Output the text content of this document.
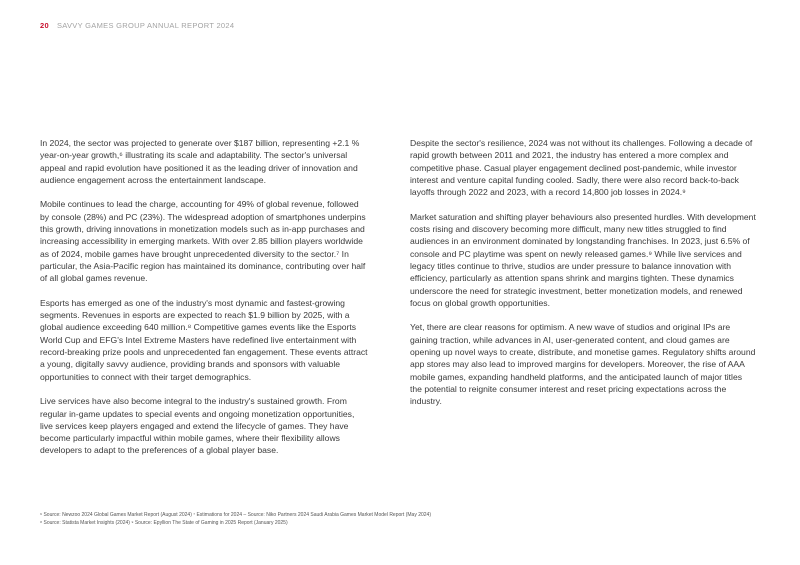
20 SAVVY GAMES GROUP ANNUAL REPORT 2024

In 2024, the sector was projected to generate over $187 billion, representing +2.1 % year-on-year growth,⁶ illustrating its scale and adaptability. The sector's universal appeal and rapid evolution have positioned it as the leading driver of innovation and audience engagement across the entertainment landscape.

Mobile continues to lead the charge, accounting for 49% of global revenue, followed by console (28%) and PC (23%). The widespread adoption of smartphones underpins this growth, driving innovations in monetization models such as in-app purchases and increasing accessibility in emerging markets. With over 2.85 billion players worldwide as of 2024, mobile games have brought unprecedented diversity to the sector.⁷ In particular, the Asia-Pacific region has maintained its dominance, contributing over half of all global games revenue.

Esports has emerged as one of the industry's most dynamic and fastest-growing segments. Revenues in esports are expected to reach $1.9 billion by 2025, with a global audience exceeding 640 million.⁸ Competitive games events like the Esports World Cup and EFG's Intel Extreme Masters have redefined live entertainment with record-breaking prize pools and unprecedented fan engagement. These events attract a young, digitally savvy audience, providing brands and sponsors with valuable opportunities to connect with their target demographics.

Live services have also become integral to the industry's sustained growth. From regular in-game updates to special events and ongoing monetization opportunities, live services keep players engaged and extend the lifecycle of games. They have become particularly impactful within mobile games, where their flexibility allows developers to adapt to the preferences of a global player base.

Despite the sector's resilience, 2024 was not without its challenges. Following a decade of rapid growth between 2011 and 2021, the industry has entered a more complex and competitive phase. Casual player engagement declined post-pandemic, while investor interest and venture capital funding cooled. Sadly, there were also record back-to-back layoffs through 2022 and 2023, with a record 14,800 job losses in 2024.⁹

Market saturation and shifting player behaviours also presented hurdles. With development costs rising and discovery becoming more difficult, many new titles struggled to find audiences in an environment dominated by longstanding franchises. In 2023, just 6.5% of console and PC playtime was spent on newly released games.⁹ While live services and legacy titles continue to thrive, studios are under pressure to balance innovation with efficiency, particularly as attention spans shrink and margins tighten. These dynamics underscore the need for strategic investment, better monetization models, and renewed focus on global growth opportunities.

Yet, there are clear reasons for optimism. A new wave of studios and original IPs are gaining traction, while advances in AI, user-generated content, and cloud games are opening up novel ways to create, distribute, and monetise games. Regulatory shifts around app stores may also lead to improved margins for developers. Moreover, the rise of AAA mobile games, expanding handheld platforms, and the anticipated launch of major titles the potential to reignite consumer interest and reset pricing expectations across the industry.

⁶ Source: Newzoo 2024 Global Games Market Report (August 2024) ⁷ Estimations for 2024 – Source: Niko Partners 2024 Saudi Arabia Games Market Model Report (May 2024)
⁸ Source: Statista Market Insights (2024) ⁹ Source: Epyllion The State of Gaming in 2025 Report (January 2025)
